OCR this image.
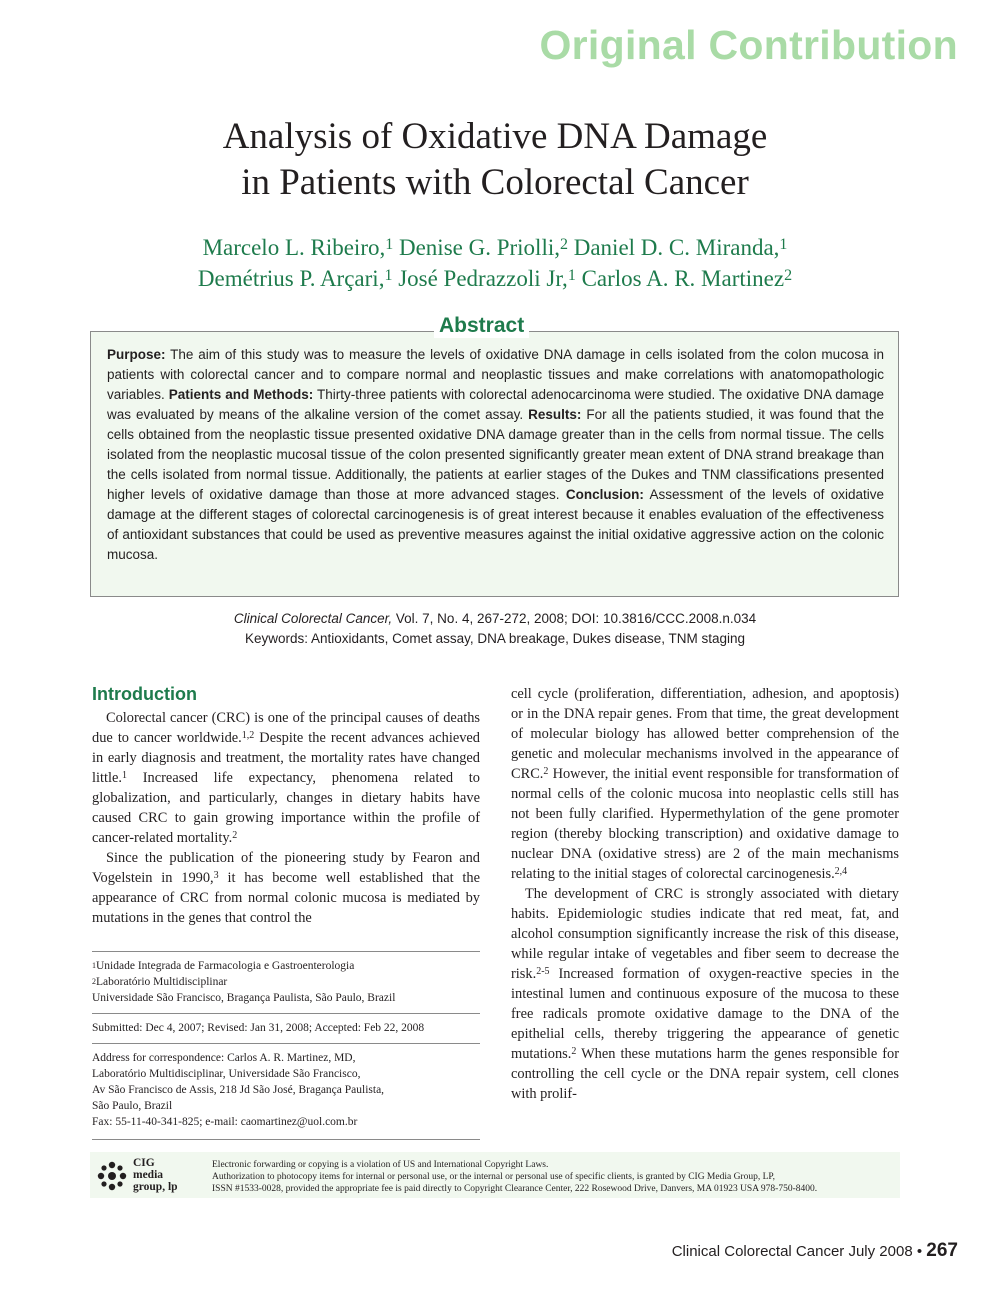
Original Contribution
Analysis of Oxidative DNA Damage
in Patients with Colorectal Cancer
Marcelo L. Ribeiro,$^1$ Denise G. Priolli,$^2$ Daniel D. C. Miranda,$^1$
Demétrius P. Arçari,$^1$ José Pedrazzoli Jr,$^1$ Carlos A. R. Martinez$^2$
Abstract
Purpose: The aim of this study was to measure the levels of oxidative DNA damage in cells isolated from the colon mucosa in patients with colorectal cancer and to compare normal and neoplastic tissues and make correlations with anatomopathologic variables. Patients and Methods: Thirty-three patients with colorectal adenocarcinoma were studied. The oxidative DNA damage was evaluated by means of the alkaline version of the comet assay. Results: For all the patients studied, it was found that the cells obtained from the neoplastic tissue presented oxidative DNA damage greater than in the cells from normal tissue. The cells isolated from the neoplastic mucosal tissue of the colon presented significantly greater mean extent of DNA strand breakage than the cells isolated from normal tissue. Additionally, the patients at earlier stages of the Dukes and TNM classifications presented higher levels of oxidative damage than those at more advanced stages. Conclusion: Assessment of the levels of oxidative damage at the different stages of colorectal carcinogenesis is of great interest because it enables evaluation of the effectiveness of antioxidant substances that could be used as preventive measures against the initial oxidative aggressive action on the colonic mucosa.
Clinical Colorectal Cancer, Vol. 7, No. 4, 267-272, 2008; DOI: 10.3816/CCC.2008.n.034
Keywords: Antioxidants, Comet assay, DNA breakage, Dukes disease, TNM staging
Introduction

Colorectal cancer (CRC) is one of the principal causes of deaths due to cancer worldwide.$^{1,2}$ Despite the recent advances achieved in early diagnosis and treatment, the mortality rates have changed little.$^1$ Increased life expectancy, phenomena related to globalization, and particularly, changes in dietary habits have caused CRC to gain growing importance within the profile of cancer-related mortality.$^2$

Since the publication of the pioneering study by Fearon and Vogelstein in 1990,$^3$ it has become well established that the appearance of CRC from normal colonic mucosa is mediated by mutations in the genes that control the

$^1$Unidade Integrada de Farmacologia e Gastroenterologia
$^2$Laboratório Multidisciplinar
Universidade São Francisco, Bragança Paulista, São Paulo, Brazil
Submitted: Dec 4, 2007; Revised: Jan 31, 2008; Accepted: Feb 22, 2008
Address for correspondence: Carlos A. R. Martinez, MD,
Laboratório Multidisciplinar, Universidade São Francisco,
Av São Francisco de Assis, 218 Jd São José, Bragança Paulista,
São Paulo, Brazil
Fax: 55-11-40-341-825; e-mail: caomartinez@uol.com.br

cell cycle (proliferation, differentiation, adhesion, and apoptosis) or in the DNA repair genes. From that time, the great development of molecular biology has allowed better comprehension of the genetic and molecular mechanisms involved in the appearance of CRC.$^2$ However, the initial event responsible for transformation of normal cells of the colonic mucosa into neoplastic cells still has not been fully clarified. Hypermethylation of the gene promoter region (thereby blocking transcription) and oxidative damage to nuclear DNA (oxidative stress) are 2 of the main mechanisms relating to the initial stages of colorectal carcinogenesis.$^{2,4}$

The development of CRC is strongly associated with dietary habits. Epidemiologic studies indicate that red meat, fat, and alcohol consumption significantly increase the risk of this disease, while regular intake of vegetables and fiber seem to decrease the risk.$^{2-5}$ Increased formation of oxygen-reactive species in the intestinal lumen and continuous exposure of the mucosa to these free radicals promote oxidative damage to the DNA of the epithelial cells, thereby triggering the appearance of genetic mutations.$^2$ When these mutations harm the genes responsible for controlling the cell cycle or the DNA repair system, cell clones with prolif-

CIG
media
group, lp
Electronic forwarding or copying is a violation of US and International Copyright Laws.
Authorization to photocopy items for internal or personal use, or the internal or personal use of specific clients, is granted by CIG Media Group, LP,
ISSN #1533-0028, provided the appropriate fee is paid directly to Copyright Clearance Center, 222 Rosewood Drive, Danvers, MA 01923 USA 978-750-8400.
Clinical Colorectal Cancer July 2008 • 267
